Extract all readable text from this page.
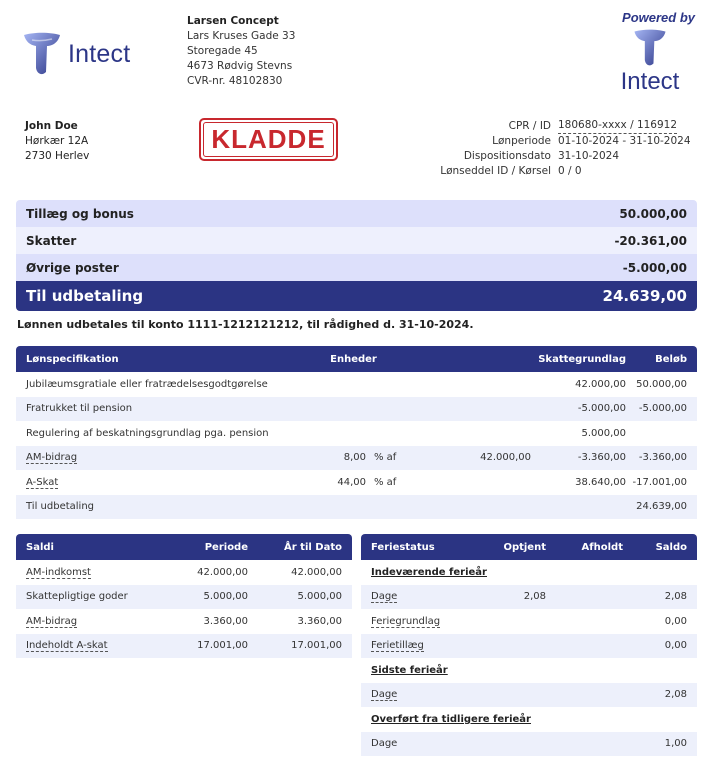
Intect
Larsen Concept
Lars Kruses Gade 33
Storegade 45
4673 Rødvig Stevns
CVR-nr. 48102830
Powered by
Intect
John Doe
Hørkær 12A
2730 Herlev
KLADDE	CPR / ID 180680-xxxx / 116912
Lønperiode 01-10-2024 - 31-10-2024
Dispositionsdato 31-10-2024
Lønseddel ID / Kørsel 0 / 0
Tillæg og bonus	50.000,00
Skatter	-20.361,00
Øvrige poster	-5.000,00
Til udbetaling	24.639,00
Lønnen udbetales til konto 1111-1212121212, til rådighed d. 31-10-2024.
Lønspecifikation	Enheder			Skattegrundlag	Beløb
Jubilæumsgratiale eller fratrædelsesgodtgørelse				42.000,00	50.000,00
Fratrukket til pension				-5.000,00	-5.000,00
Regulering af beskatningsgrundlag pga. pension				5.000,00	
AM-bidrag	8,00	% af	42.000,00	-3.360,00	-3.360,00
A-Skat	44,00	% af		38.640,00	-17.001,00
Til udbetaling					24.639,00
Saldi	Periode	År til Dato
AM-indkomst	42.000,00	42.000,00
Skattepligtige goder	5.000,00	5.000,00
AM-bidrag	3.360,00	3.360,00
Indeholdt A-skat	17.001,00	17.001,00
Feriestatus	Optjent	Afholdt	Saldo
Indeværende ferieår			
Dage	2,08		2,08
Feriegrundlag			0,00
Ferietillæg			0,00
Sidste ferieår			
Dage			2,08
Overført fra tidligere ferieår			
Dage			1,00
